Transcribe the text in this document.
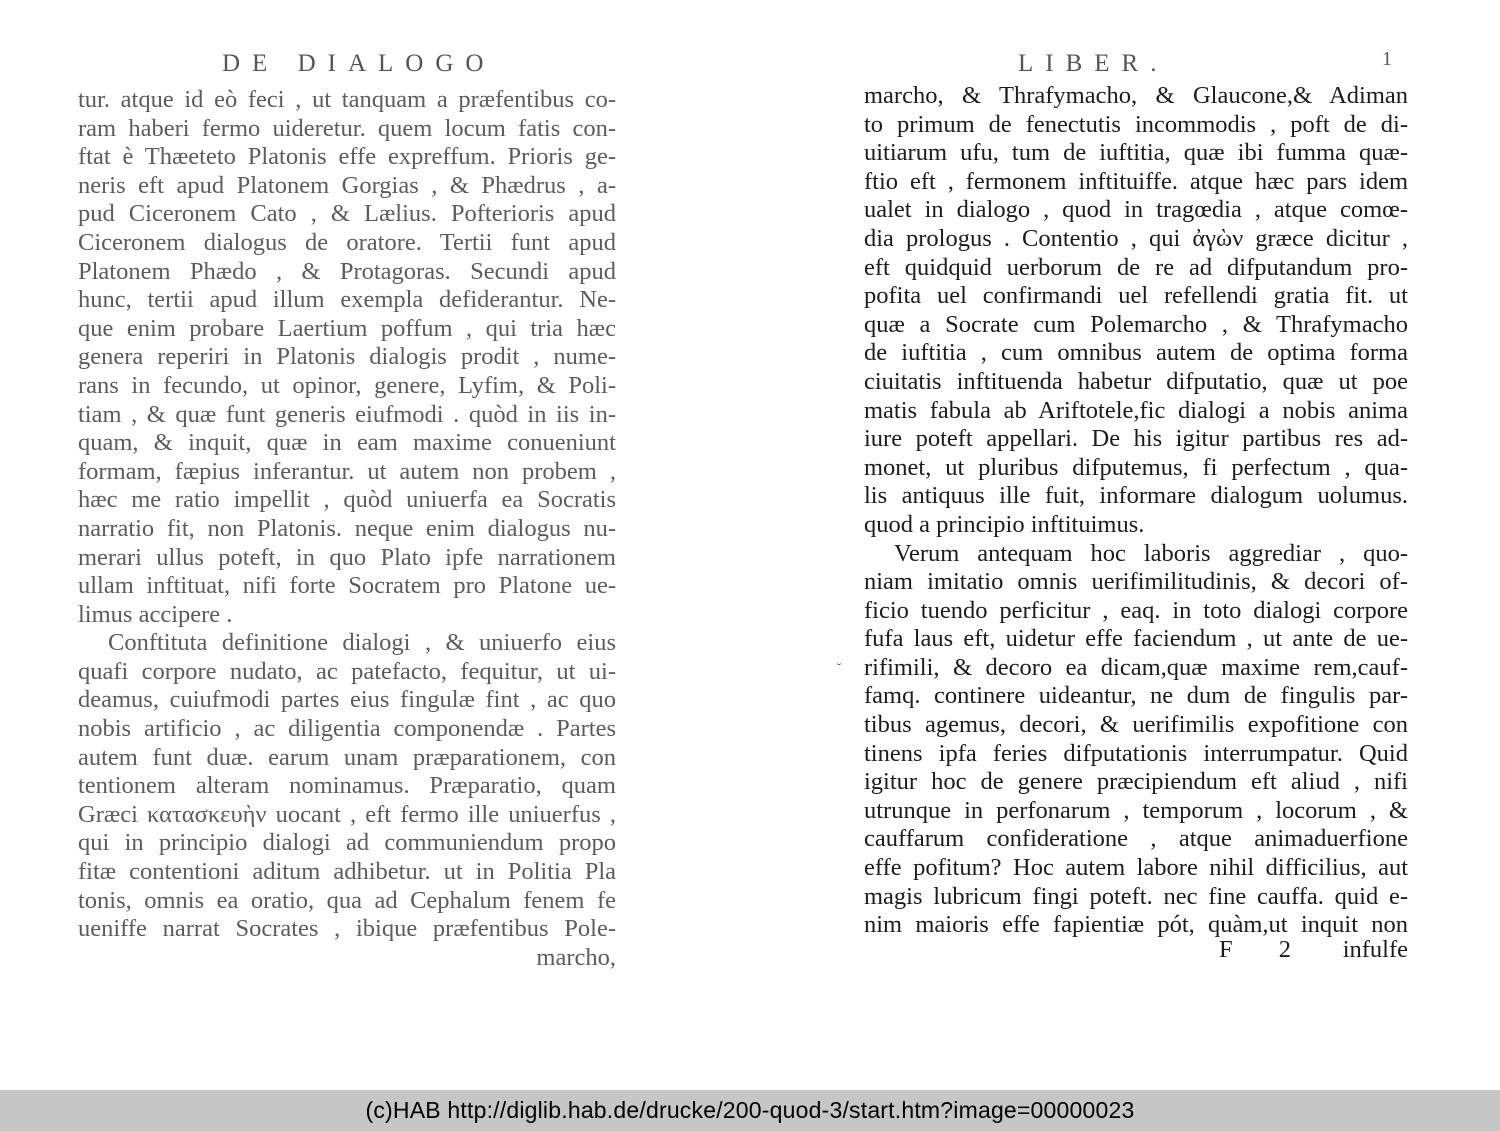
DE DIALOGO
tur. atque id eò feci , ut tanquam a præfentibus co-
ram haberi fermo uideretur. quem locum fatis con-
ftat è Thæeteto Platonis effe expreffum. Prioris ge-
neris eft apud Platonem Gorgias , & Phædrus , a-
pud Ciceronem Cato , & Lælius. Pofterioris apud
Ciceronem dialogus de oratore. Tertii funt apud
Platonem Phædo , & Protagoras. Secundi apud
hunc, tertii apud illum exempla defiderantur. Ne-
que enim probare Laertium poffum , qui tria hæc
genera reperiri in Platonis dialogis prodit , nume-
rans in fecundo, ut opinor, genere, Lyfim, & Poli-
tiam , & quæ funt generis eiufmodi . quòd in iis in-
quam, & inquit, quæ in eam maxime conueniunt
formam, fæpius inferantur. ut autem non probem ,
hæc me ratio impellit , quòd uniuerfa ea Socratis
narratio fit, non Platonis. neque enim dialogus nu-
merari ullus poteft, in quo Plato ipfe narrationem
ullam inftituat, nifi forte Socratem pro Platone ue-
limus accipere .
Conftituta definitione dialogi , & uniuerfo eius
quafi corpore nudato, ac patefacto, fequitur, ut ui-
deamus, cuiufmodi partes eius fingulæ fint , ac quo
nobis artificio , ac diligentia componendæ . Partes
autem funt duæ. earum unam præparationem, con
tentionem alteram nominamus. Præparatio, quam
Græci κατασκευὴν uocant , eft fermo ille uniuerfus ,
qui in principio dialogi ad communiendum propo
fitæ contentioni aditum adhibetur. ut in Politia Pla
tonis, omnis ea oratio, qua ad Cephalum fenem fe
ueniffe narrat Socrates , ibique præfentibus Pole-
marcho,
LIBER.	1
marcho, & Thrafymacho, & Glaucone,& Adiman
to primum de fenectutis incommodis , poft de di-
uitiarum ufu, tum de iuftitia, quæ ibi fumma quæ-
ftio eft , fermonem inftituiffe. atque hæc pars idem
ualet in dialogo , quod in tragœdia , atque comœ-
dia prologus . Contentio , qui ἀγὼν græce dicitur ,
eft quidquid uerborum de re ad difputandum pro-
pofita uel confirmandi uel refellendi gratia fit. ut
quæ a Socrate cum Polemarcho , & Thrafymacho
de iuftitia , cum omnibus autem de optima forma
ciuitatis inftituenda habetur difputatio, quæ ut poe
matis fabula ab Ariftotele,fic dialogi a nobis anima
iure poteft appellari. De his igitur partibus res ad-
monet, ut pluribus difputemus, fi perfectum , qua-
lis antiquus ille fuit, informare dialogum uolumus.
quod a principio inftituimus.
Verum antequam hoc laboris aggrediar , quo-
niam imitatio omnis uerifimilitudinis, & decori of-
ficio tuendo perficitur , eaq. in toto dialogi corpore
fufa laus eft, uidetur effe faciendum , ut ante de ue-
rifimili, & decoro ea dicam,quæ maxime rem,cauf-
famq. continere uideantur, ne dum de fingulis par-
tibus agemus, decori, & uerifimilis expofitione con
tinens ipfa feries difputationis interrumpatur. Quid
igitur hoc de genere præcipiendum eft aliud , nifi
utrunque in perfonarum , temporum , locorum , &
cauffarum confideratione , atque animaduerfione
effe pofitum? Hoc autem labore nihil difficilius, aut
magis lubricum fingi poteft. nec fine cauffa. quid e-
nim maioris effe fapientiæ pót, quàm,ut inquit non
F 2 infulfe
˘
(c)HAB http://diglib.hab.de/drucke/200-quod-3/start.htm?image=00000023
